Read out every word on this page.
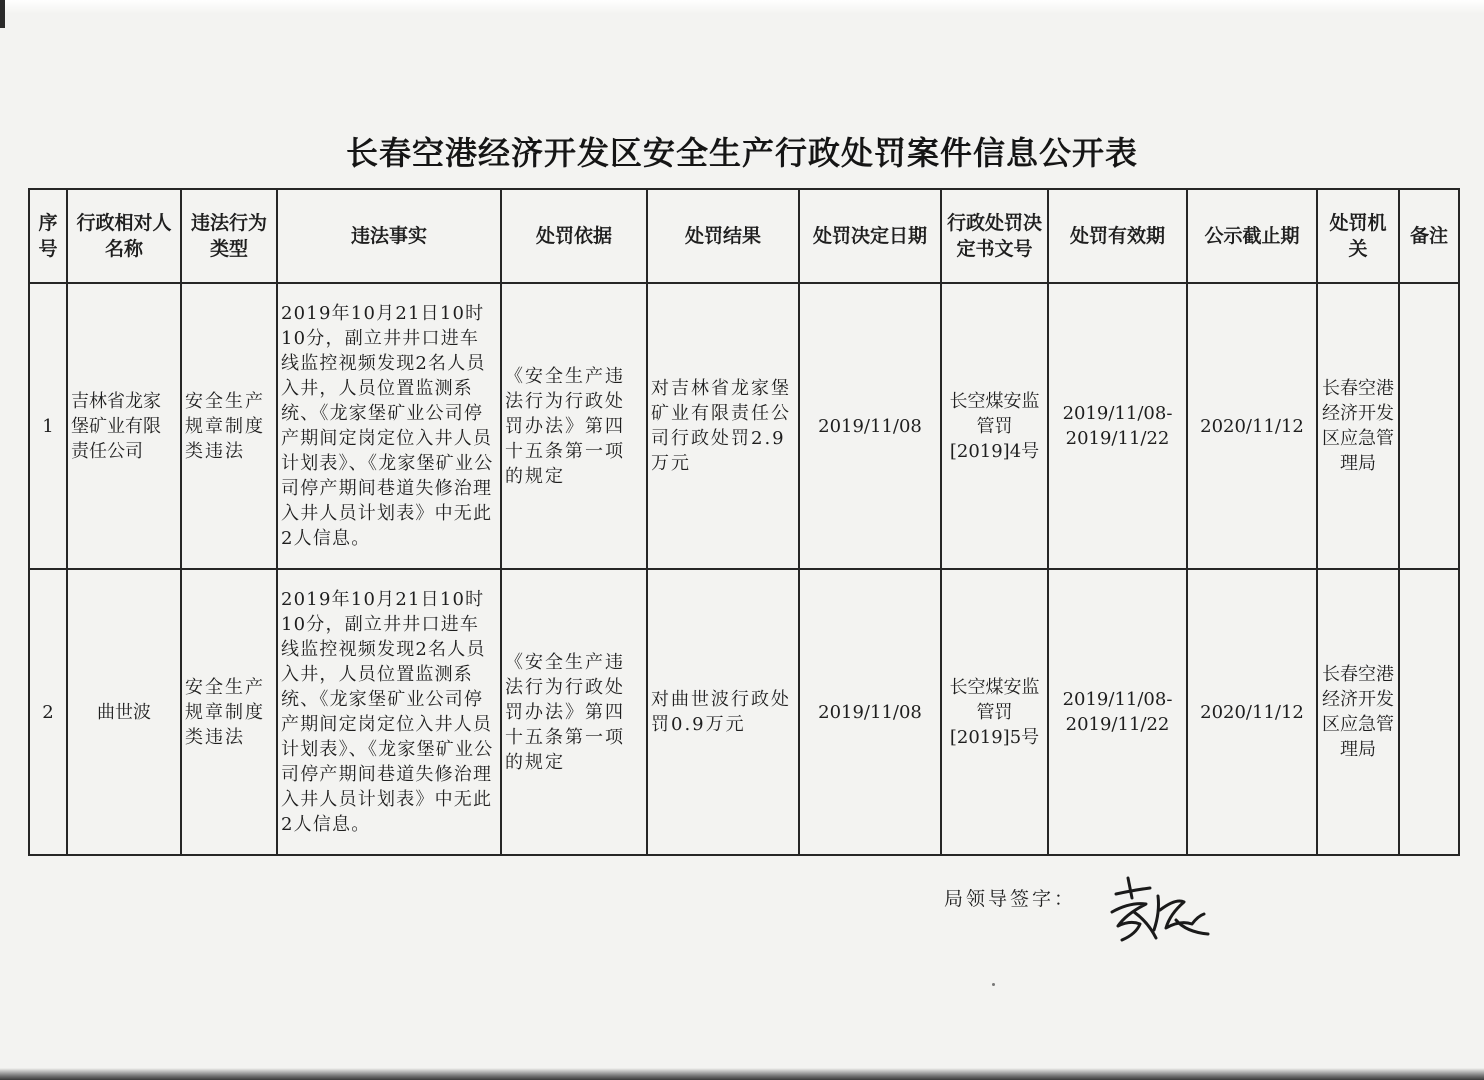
长春空港经济开发区安全生产行政处罚案件信息公开表
序号	行政相对人名称	违法行为类型	违法事实	处罚依据	处罚结果	处罚决定日期	行政处罚决定书文号	处罚有效期	公示截止期	处罚机关	备注
1	吉林省龙家堡矿业有限责任公司	安全生产规章制度类违法	2019年10月21日10时10分，副立井井口进车线监控视频发现2名人员入井，人员位置监测系统、《龙家堡矿业公司停产期间定岗定位入井人员计划表》、《龙家堡矿业公司停产期间巷道失修治理入井人员计划表》中无此2人信息。	《安全生产违法行为行政处罚办法》第四十五条第一项的规定	对吉林省龙家堡矿业有限责任公司行政处罚2.9万元	2019/11/08	长空煤安监管罚[2019]4号	2019/11/08-2019/11/22	2020/11/12	长春空港经济开发区应急管理局	
2	曲世波	安全生产规章制度类违法	2019年10月21日10时10分，副立井井口进车线监控视频发现2名人员入井，人员位置监测系统、《龙家堡矿业公司停产期间定岗定位入井人员计划表》、《龙家堡矿业公司停产期间巷道失修治理入井人员计划表》中无此2人信息。	《安全生产违法行为行政处罚办法》第四十五条第一项的规定	对曲世波行政处罚0.9万元	2019/11/08	长空煤安监管罚[2019]5号	2019/11/08-2019/11/22	2020/11/12	长春空港经济开发区应急管理局	
局领导签字：
